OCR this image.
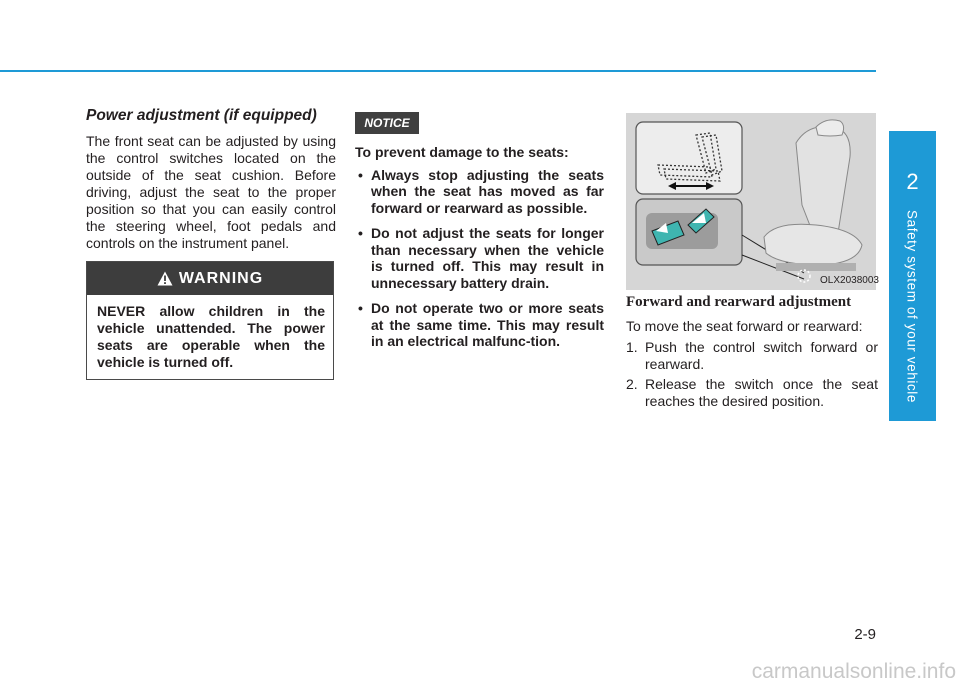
2
Safety system of your vehicle
Power adjustment (if equipped)

The front seat can be adjusted by using the control switches located on the outside of the seat cushion. Before driving, adjust the seat to the proper position so that you can easily control the steering wheel, foot pedals and controls on the instrument panel.

WARNING
NEVER allow children in the vehicle unattended. The power seats are operable when the vehicle is turned off.
NOTICE

To prevent damage to the seats:

• Always stop adjusting the seats when the seat has moved as far forward or rearward as possible.
• Do not adjust the seats for longer than necessary when the vehicle is turned off. This may result in unnecessary battery drain.
• Do not operate two or more seats at the same time. This may result in an electrical malfunc-tion.
OLX2038003
Forward and rearward adjustment

To move the seat forward or rearward:

1. Push the control switch forward or rearward.
2. Release the switch once the seat reaches the desired position.
2-9
carmanualsonline.info
